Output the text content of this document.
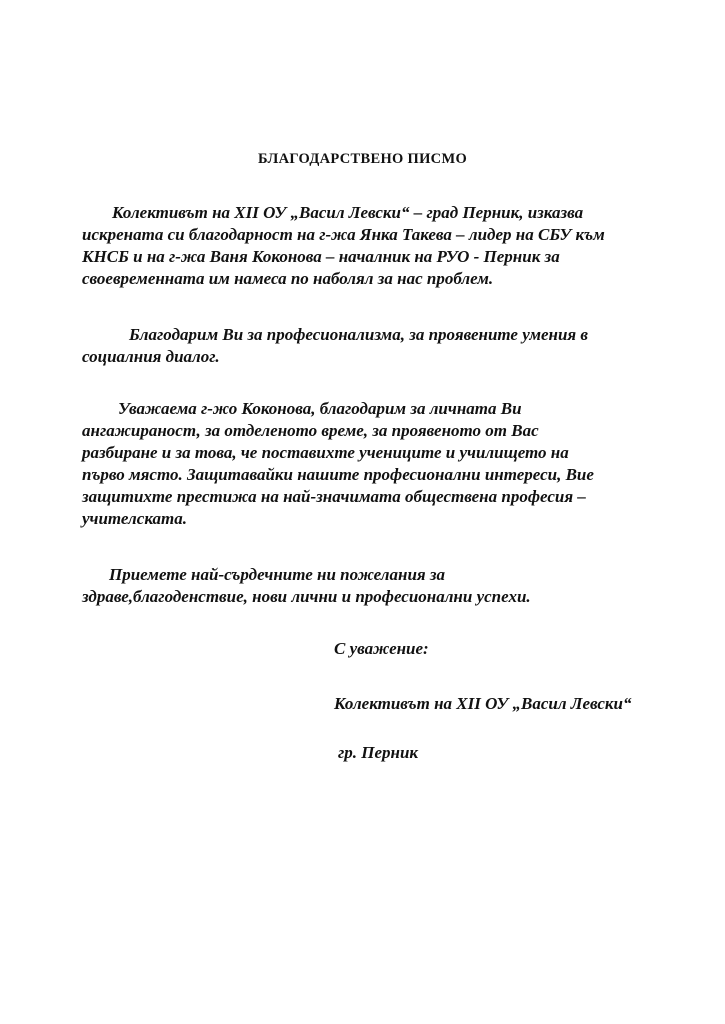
БЛАГОДАРСТВЕНО ПИСМО
Колективът на XII ОУ „Васил Левски“ – град Перник, изказва
искрената си благодарност на г-жа Янка Такева – лидер на СБУ към
КНСБ и на г-жа Ваня Коконова – началник на РУО - Перник за
своевременната им намеса по наболял за нас проблем.
Благодарим Ви за професионализма, за проявените умения в
социалния диалог.
Уважаема г-жо Коконова, благодарим за личната Ви
ангажираност, за отделеното време, за проявеното от Вас
разбиране и за това, че поставихте учениците и училището на
първо място. Защитавайки нашите професионални интереси, Вие
защитихте престижа на най-значимата обществена професия –
учителската.
Приемете най-сърдечните ни пожелания за
здраве,благоденствие, нови лични и професионални успехи.
С уважение:
Колективът на XII ОУ „Васил Левски“
гр. Перник
